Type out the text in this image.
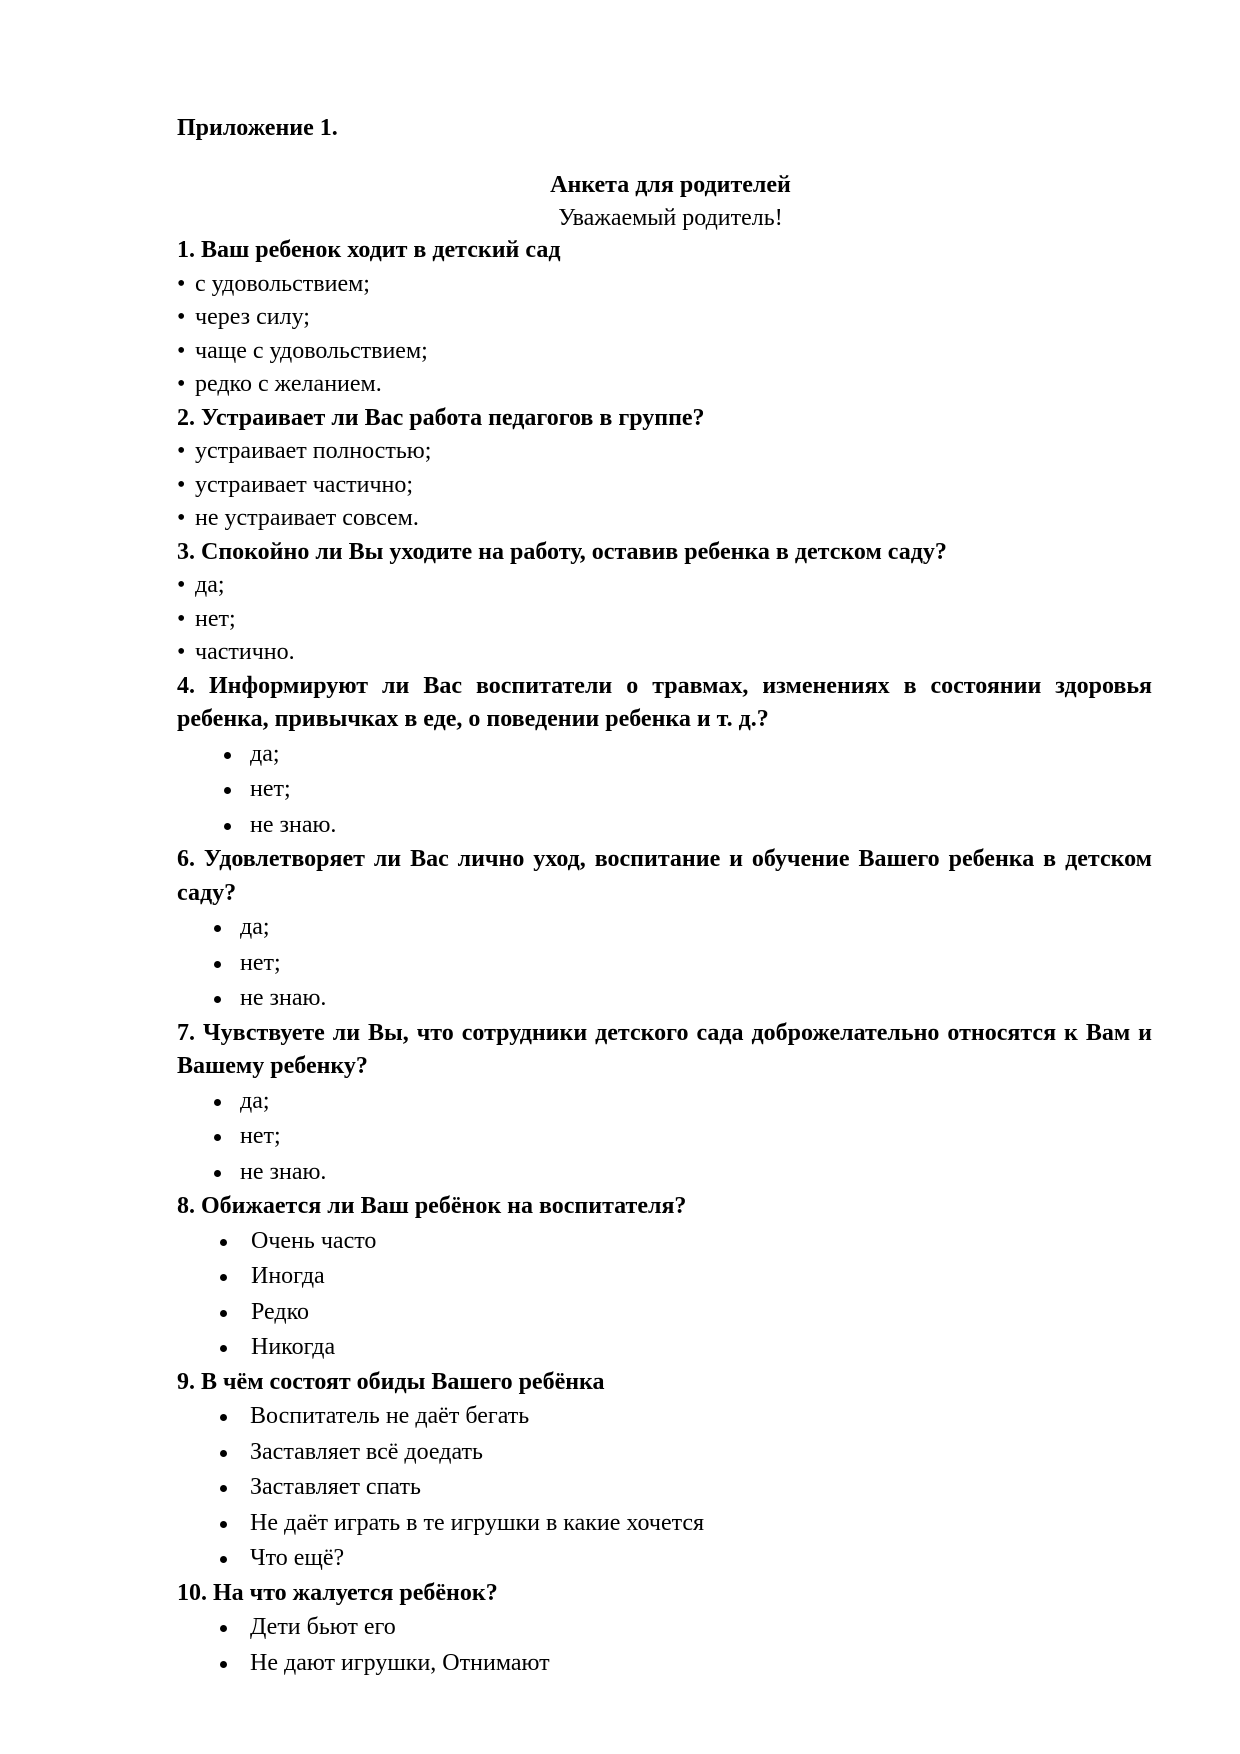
Приложение 1.
Анкета для родителей
Уважаемый родитель!
1. Ваш ребенок ходит в детский сад
• с удовольствием;
• через силу;
• чаще с удовольствием;
• редко с желанием.
2. Устраивает ли Вас работа педагогов в группе?
• устраивает полностью;
• устраивает частично;
• не устраивает совсем.
3. Спокойно ли Вы уходите на работу, оставив ребенка в детском саду?
• да;
• нет;
• частично.
4. Информируют ли Вас воспитатели о травмах, изменениях в состоянии здоровья ребенка, привычках в еде, о поведении ребенка и т. д.?
да;
нет;
не знаю.
6. Удовлетворяет ли Вас лично уход, воспитание и обучение Вашего ребенка в детском саду?
да;
нет;
не знаю.
7. Чувствуете ли Вы, что сотрудники детского сада доброжелательно относятся к Вам и Вашему ребенку?
да;
нет;
не знаю.
8. Обижается ли Ваш ребёнок на воспитателя?
Очень часто
Иногда
Редко
Никогда
9. В чём состоят обиды Вашего ребёнка
Воспитатель не даёт бегать
Заставляет всё доедать
Заставляет спать
Не даёт играть в те игрушки в какие хочется
Что ещё?
10. На что жалуется ребёнок?
Дети бьют его
Не дают игрушки, Отнимают
